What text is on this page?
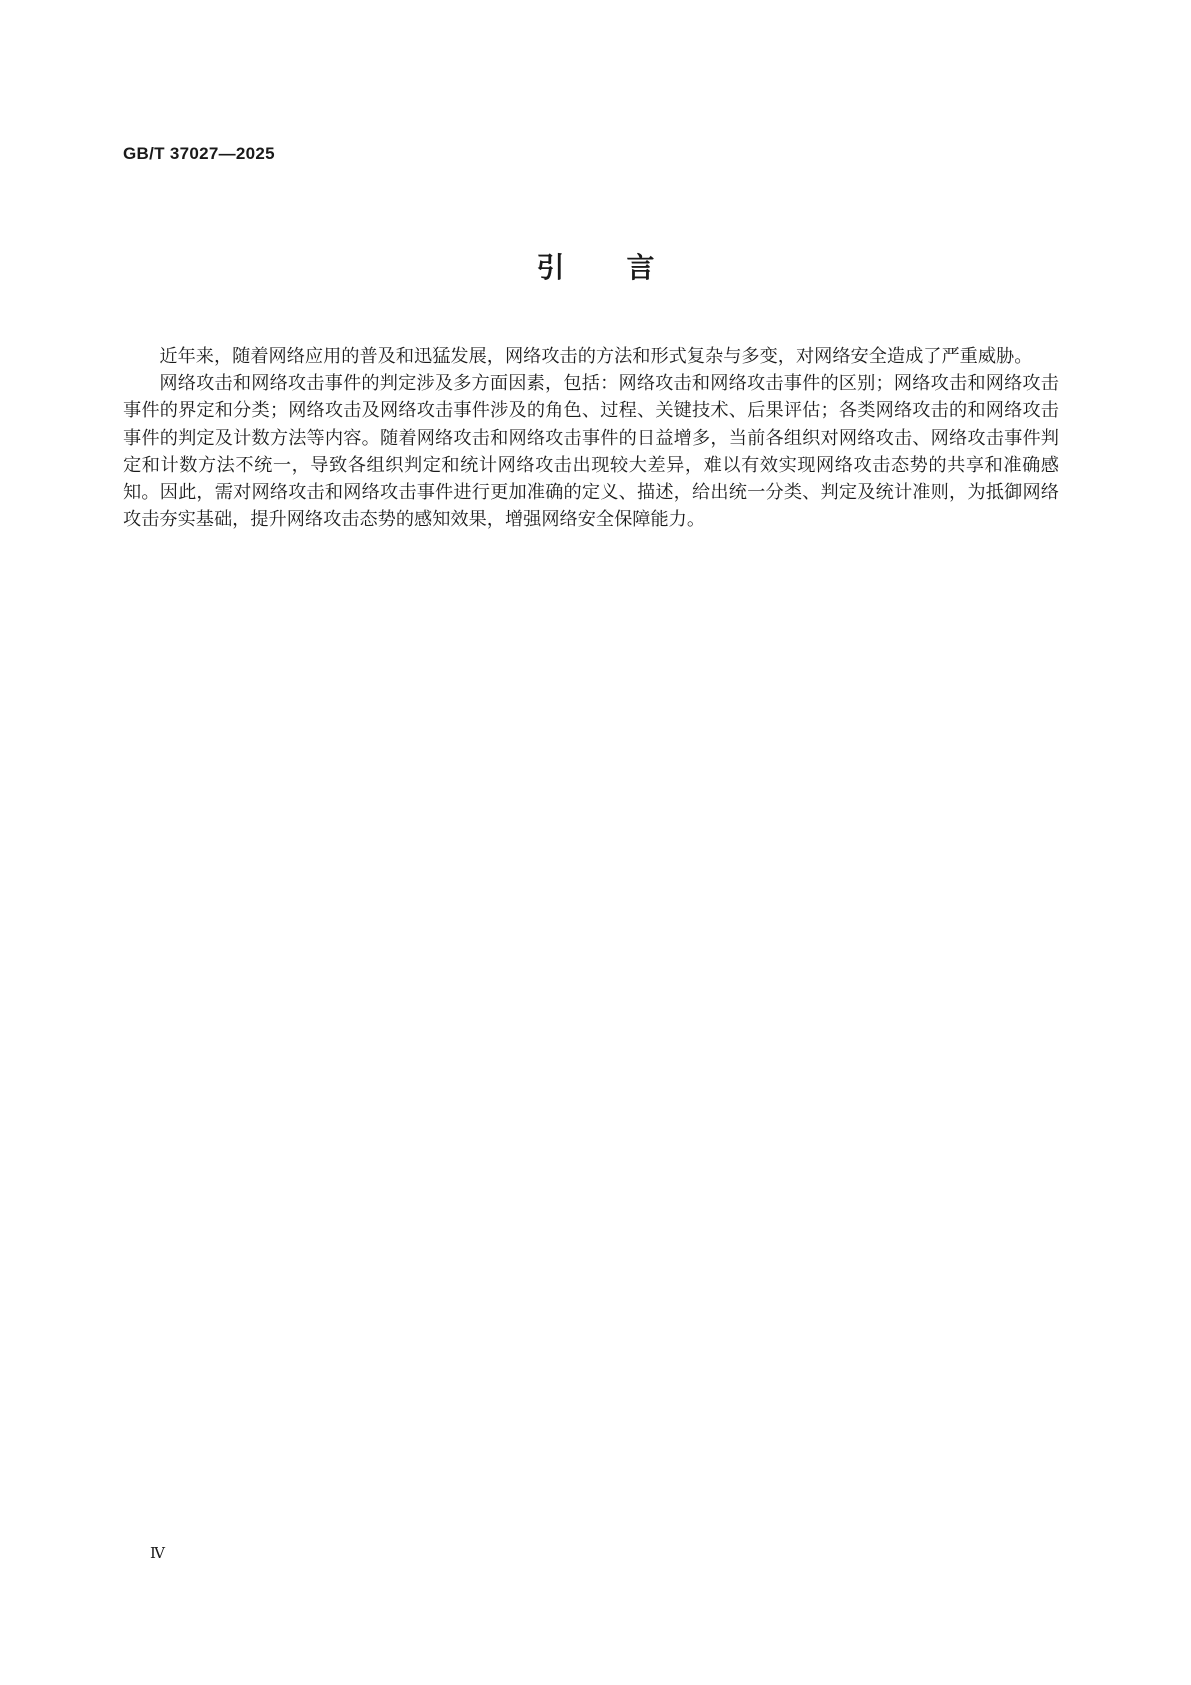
GB/T 37027—2025
引言

近年来，随着网络应用的普及和迅猛发展，网络攻击的方法和形式复杂与多变，对网络安全造成了严重威胁。

网络攻击和网络攻击事件的判定涉及多方面因素，包括：网络攻击和网络攻击事件的区别；网络攻击和网络攻击事件的界定和分类；网络攻击及网络攻击事件涉及的角色、过程、关键技术、后果评估；各类网络攻击的和网络攻击事件的判定及计数方法等内容。随着网络攻击和网络攻击事件的日益增多，当前各组织对网络攻击、网络攻击事件判定和计数方法不统一，导致各组织判定和统计网络攻击出现较大差异，难以有效实现网络攻击态势的共享和准确感知。因此，需对网络攻击和网络攻击事件进行更加准确的定义、描述，给出统一分类、判定及统计准则，为抵御网络攻击夯实基础，提升网络攻击态势的感知效果，增强网络安全保障能力。

Ⅳ
